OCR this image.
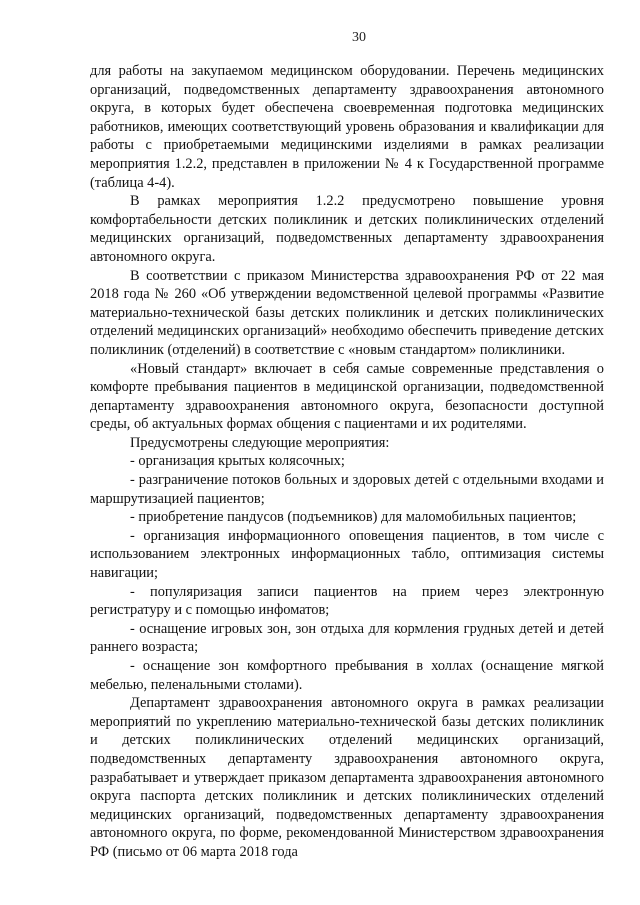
30

для работы на закупаемом медицинском оборудовании. Перечень медицинских организаций, подведомственных департаменту здравоохранения автономного округа, в которых будет обеспечена своевременная подготовка медицинских работников, имеющих соответствующий уровень образования и квалификации для работы с приобретаемыми медицинскими изделиями в рамках реализации мероприятия 1.2.2, представлен в приложении № 4 к Государственной программе (таблица 4-4).

В рамках мероприятия 1.2.2 предусмотрено повышение уровня комфортабельности детских поликлиник и детских поликлинических отделений медицинских организаций, подведомственных департаменту здравоохранения автономного округа.

В соответствии с приказом Министерства здравоохранения РФ от 22 мая 2018 года № 260 «Об утверждении ведомственной целевой программы «Развитие материально-технической базы детских поликлиник и детских поликлинических отделений медицинских организаций» необходимо обеспечить приведение детских поликлиник (отделений) в соответствие с «новым стандартом» поликлиники.

«Новый стандарт» включает в себя самые современные представления о комфорте пребывания пациентов в медицинской организации, подведомственной департаменту здравоохранения автономного округа, безопасности доступной среды, об актуальных формах общения с пациентами и их родителями.

Предусмотрены следующие мероприятия:

- организация крытых колясочных;
- разграничение потоков больных и здоровых детей с отдельными входами и маршрутизацией пациентов;
- приобретение пандусов (подъемников) для маломобильных пациентов;
- организация информационного оповещения пациентов, в том числе с использованием электронных информационных табло, оптимизация системы навигации;
- популяризация записи пациентов на прием через электронную регистратуру и с помощью инфоматов;
- оснащение игровых зон, зон отдыха для кормления грудных детей и детей раннего возраста;
- оснащение зон комфортного пребывания в холлах (оснащение мягкой мебелью, пеленальными столами).

Департамент здравоохранения автономного округа в рамках реализации мероприятий по укреплению материально-технической базы детских поликлиник и детских поликлинических отделений медицинских организаций, подведомственных департаменту здравоохранения автономного округа, разрабатывает и утверждает приказом департамента здравоохранения автономного округа паспорта детских поликлиник и детских поликлинических отделений медицинских организаций, подведомственных департаменту здравоохранения автономного округа, по форме, рекомендованной Министерством здравоохранения РФ (письмо от 06 марта 2018 года
